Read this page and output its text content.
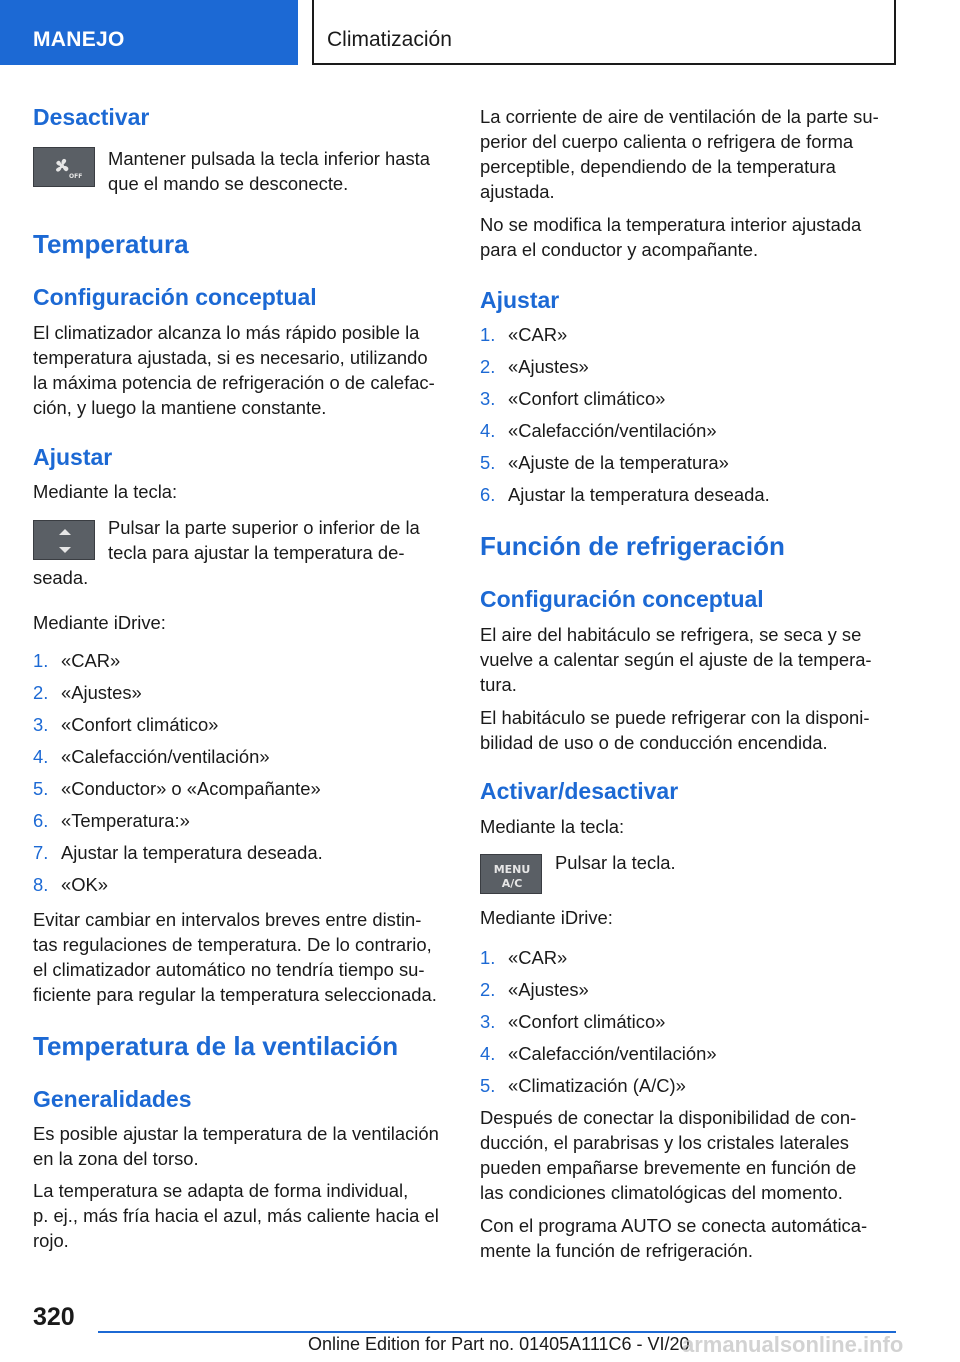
MANEJO	Climatización
Desactivar
OFF
Mantener pulsada la tecla inferior hasta
que el mando se desconecte.
Temperatura
Configuración conceptual
El climatizador alcanza lo más rápido posible la
temperatura ajustada, si es necesario, utilizando
la máxima potencia de refrigeración o de calefac-
ción, y luego la mantiene constante.
Ajustar
Mediante la tecla:
Pulsar la parte superior o inferior de la
tecla para ajustar la temperatura de-
seada.
Mediante iDrive:
1. «CAR»
2. «Ajustes»
3. «Confort climático»
4. «Calefacción/ventilación»
5. «Conductor» o «Acompañante»
6. «Temperatura:»
7. Ajustar la temperatura deseada.
8. «OK»
Evitar cambiar en intervalos breves entre distin-
tas regulaciones de temperatura. De lo contrario,
el climatizador automático no tendría tiempo su-
ficiente para regular la temperatura seleccionada.
Temperatura de la ventilación
Generalidades
Es posible ajustar la temperatura de la ventilación
en la zona del torso.
La temperatura se adapta de forma individual,
p. ej., más fría hacia el azul, más caliente hacia el
rojo.
La corriente de aire de ventilación de la parte su-
perior del cuerpo calienta o refrigera de forma
perceptible, dependiendo de la temperatura
ajustada.
No se modifica la temperatura interior ajustada
para el conductor y acompañante.
Ajustar
1. «CAR»
2. «Ajustes»
3. «Confort climático»
4. «Calefacción/ventilación»
5. «Ajuste de la temperatura»
6. Ajustar la temperatura deseada.
Función de refrigeración
Configuración conceptual
El aire del habitáculo se refrigera, se seca y se
vuelve a calentar según el ajuste de la tempera-
tura.
El habitáculo se puede refrigerar con la disponi-
bilidad de uso o de conducción encendida.
Activar/desactivar
Mediante la tecla:
MENU
A/C
Pulsar la tecla.
Mediante iDrive:
1. «CAR»
2. «Ajustes»
3. «Confort climático»
4. «Calefacción/ventilación»
5. «Climatización (A/C)»
Después de conectar la disponibilidad de con-
ducción, el parabrisas y los cristales laterales
pueden empañarse brevemente en función de
las condiciones climatológicas del momento.
Con el programa AUTO se conecta automática-
mente la función de refrigeración.
320
Online Edition for Part no. 01405A111C6 - VI/20
armanualsonline.info
